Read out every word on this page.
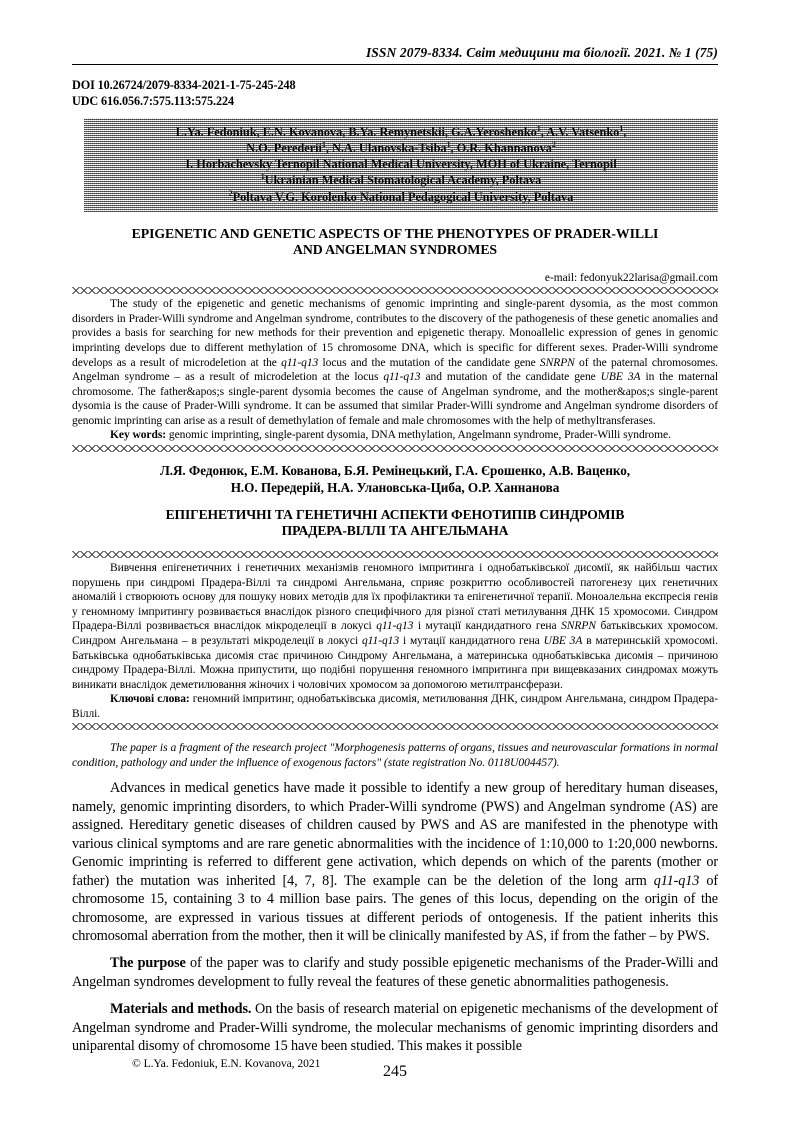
ISSN 2079-8334. Світ медицини та біології. 2021. № 1 (75)
DOI 10.26724/2079-8334-2021-1-75-245-248
UDC 616.056.7:575.113:575.224
L.Ya. Fedoniuk, E.N. Kovanova, B.Ya. Remynetskii, G.A.Yeroshenko$^1$, A.V. Vatsenko$^1$,
N.O. Perederii$^1$, N.A. Ulanovska-Tsiba$^1$, O.R. Khannanova$^2$
I. Horbachevsky Ternopil National Medical University, MOH of Ukraine, Ternopil
$^1$Ukrainian Medical Stomatological Academy, Poltava
$^2$Poltava V.G. Korolenko National Pedagogical University, Poltava
EPIGENETIC AND GENETIC ASPECTS OF THE PHENOTYPES OF PRADER-WILLI
AND ANGELMAN SYNDROMES
e-mail: fedonyuk22larisa@gmail.com
The study of the epigenetic and genetic mechanisms of genomic imprinting and single-parent dysomia, as the most common disorders in Prader-Willi syndrome and Angelman syndrome, contributes to the discovery of the pathogenesis of these genetic anomalies and provides a basis for searching for new methods for their prevention and epigenetic therapy. Monoallelic expression of genes in genomic imprinting develops due to different methylation of 15 chromosome DNA, which is specific for different sexes. Prader-Willi syndrome develops as a result of microdeletion at the q11-q13 locus and the mutation of the candidate gene SNRPN of the paternal chromosomes. Angelman syndrome – as a result of microdeletion at the locus q11-q13 and mutation of the candidate gene UBE 3A in the maternal chromosome. The father&apos;s single-parent dysomia becomes the cause of Angelman syndrome, and the mother&apos;s single-parent dysomia is the cause of Prader-Willi syndrome. It can be assumed that similar Prader-Willi syndrome and Angelman syndrome disorders of genomic imprinting can arise as a result of demethylation of female and male chromosomes with the help of methyltransferases.
Key words: genomic imprinting, single-parent dysomia, DNA methylation, Angelmann syndrome, Prader-Willi syndrome.
Л.Я. Федонюк, Е.М. Кованова, Б.Я. Ремінецький, Г.А. Єрошенко, А.В. Ваценко,
Н.О. Передерій, Н.А. Улановська-Циба, О.Р. Ханнанова
ЕПІГЕНЕТИЧНІ ТА ГЕНЕТИЧНІ АСПЕКТИ ФЕНОТИПІВ СИНДРОМІВ
ПРАДЕРА-ВІЛЛІ ТА АНГЕЛЬМАНА
Вивчення епігенетичних і генетичних механізмів геномного імпритинга і однобатьківської дисомії, як найбільш частих порушень при синдромі Прадера-Віллі та синдромі Ангельмана, сприяє розкриттю особливостей патогенезу цих генетичних аномалій і створюють основу для пошуку нових методів для їх профілактики та епігенетичної терапії. Моноалельна експресія генів у геномному імпритингу розвивається внаслідок різного специфічного для різної статі метилування ДНК 15 хромосоми. Синдром Прадера-Віллі розвивається внаслідок мікроделеції в локусі q11-q13 і мутації кандидатного гена SNRPN батьківських хромосом. Синдром Ангельмана – в результаті мікроделеції в локусі q11-q13 і мутації кандидатного гена UBE 3A в материнській хромосомі. Батьківська однобатьківська дисомія стає причиною Синдрому Ангельмана, а материнська однобатьківська дисомія – причиною синдрому Прадера-Віллі. Можна припустити, що подібні порушення геномного імпритинга при вищевказаних синдромах можуть виникати внаслідок деметилювання жіночих і чоловічих хромосом за допомогою метилтрансферази.
Ключові слова: геномний імпритинг, однобатьківська дисомія, метилювання ДНК, синдром Ангельмана, синдром Прадера-Віллі.
The paper is a fragment of the research project "Morphogenesis patterns of organs, tissues and neurovascular formations in normal condition, pathology and under the influence of exogenous factors" (state registration No. 0118U004457).
Advances in medical genetics have made it possible to identify a new group of hereditary human diseases, namely, genomic imprinting disorders, to which Prader-Willi syndrome (PWS) and Angelman syndrome (AS) are assigned. Hereditary genetic diseases of children caused by PWS and AS are manifested in the phenotype with various clinical symptoms and are rare genetic abnormalities with the incidence of 1:10,000 to 1:20,000 newborns. Genomic imprinting is referred to different gene activation, which depends on which of the parents (mother or father) the mutation was inherited [4, 7, 8]. The example can be the deletion of the long arm q11-q13 of chromosome 15, containing 3 to 4 million base pairs. The genes of this locus, depending on the origin of the chromosome, are expressed in various tissues at different periods of ontogenesis. If the patient inherits this chromosomal aberration from the mother, then it will be clinically manifested by AS, if from the father – by PWS.
The purpose of the paper was to clarify and study possible epigenetic mechanisms of the Prader-Willi and Angelman syndromes development to fully reveal the features of these genetic abnormalities pathogenesis.
Materials and methods. On the basis of research material on epigenetic mechanisms of the development of Angelman syndrome and Prader-Willi syndrome, the molecular mechanisms of genomic imprinting disorders and uniparental disomy of chromosome 15 have been studied. This makes it possible
© L.Ya. Fedoniuk, E.N. Kovanova, 2021	245
